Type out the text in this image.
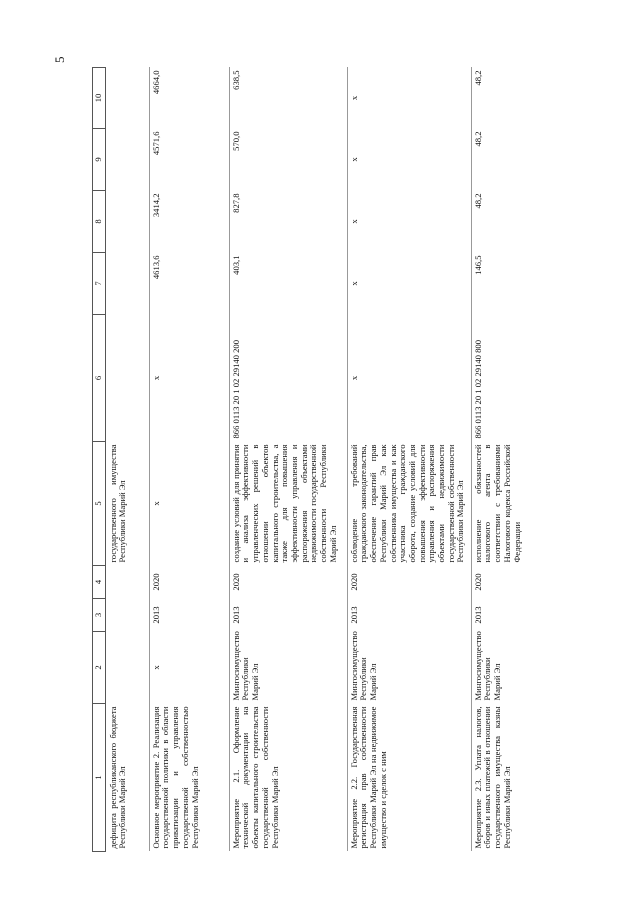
5
1	2	3	4	5	6	7	8	9	10
дефицита республиканского бюджета Республики Марий Эл				государственного имущества Республики Марий Эл					
Основное мероприятие 2. Реализация государственной политики в области приватизации и управления государственной собственностью Республики Марий Эл	х	2013	2020	х	х	4613,6	3414,2	4571,6	4664,0
Мероприятие 2.1. Оформление технической документации на объекты капитального строительства государственной собственности Республики Марий Эл	Мингосимущество Республики Марий Эл	2013	2020	создание условий для принятия и анализа эффективности управленческих решений в отношении объектов капитального строительства, а также для повышения эффективности управления и распоряжения объектами недвижимости государственной собственности Республики Марий Эл	866 0113 20 1 02 29140 200	403,1	827,8	570,0	638,5
Мероприятие 2.2. Государственная регистрация прав собственности Республики Марий Эл на недвижимое имущество и сделок с ним	Мингосимущество Республики Марий Эл	2013	2020	соблюдение требований гражданского законодательства, обеспечение гарантий прав Республики Марий Эл как собственника имущества и как участника гражданского оборота, создание условий для повышения эффективности управления и распоряжения объектами недвижимости государственной собственности Республики Марий Эл	х	х	х	х	х
Мероприятие 2.3. Уплата налогов, сборов и иных платежей в отношении государственного имущества казны Республики Марий Эл	Мингосимущество Республики Марий Эл	2013	2020	исполнение обязанностей налогового агента в соответствии с требованиями Налогового кодекса Российской Федерации	866 0113 20 1 02 29140 800	146,5	48,2	48,2	48,2
